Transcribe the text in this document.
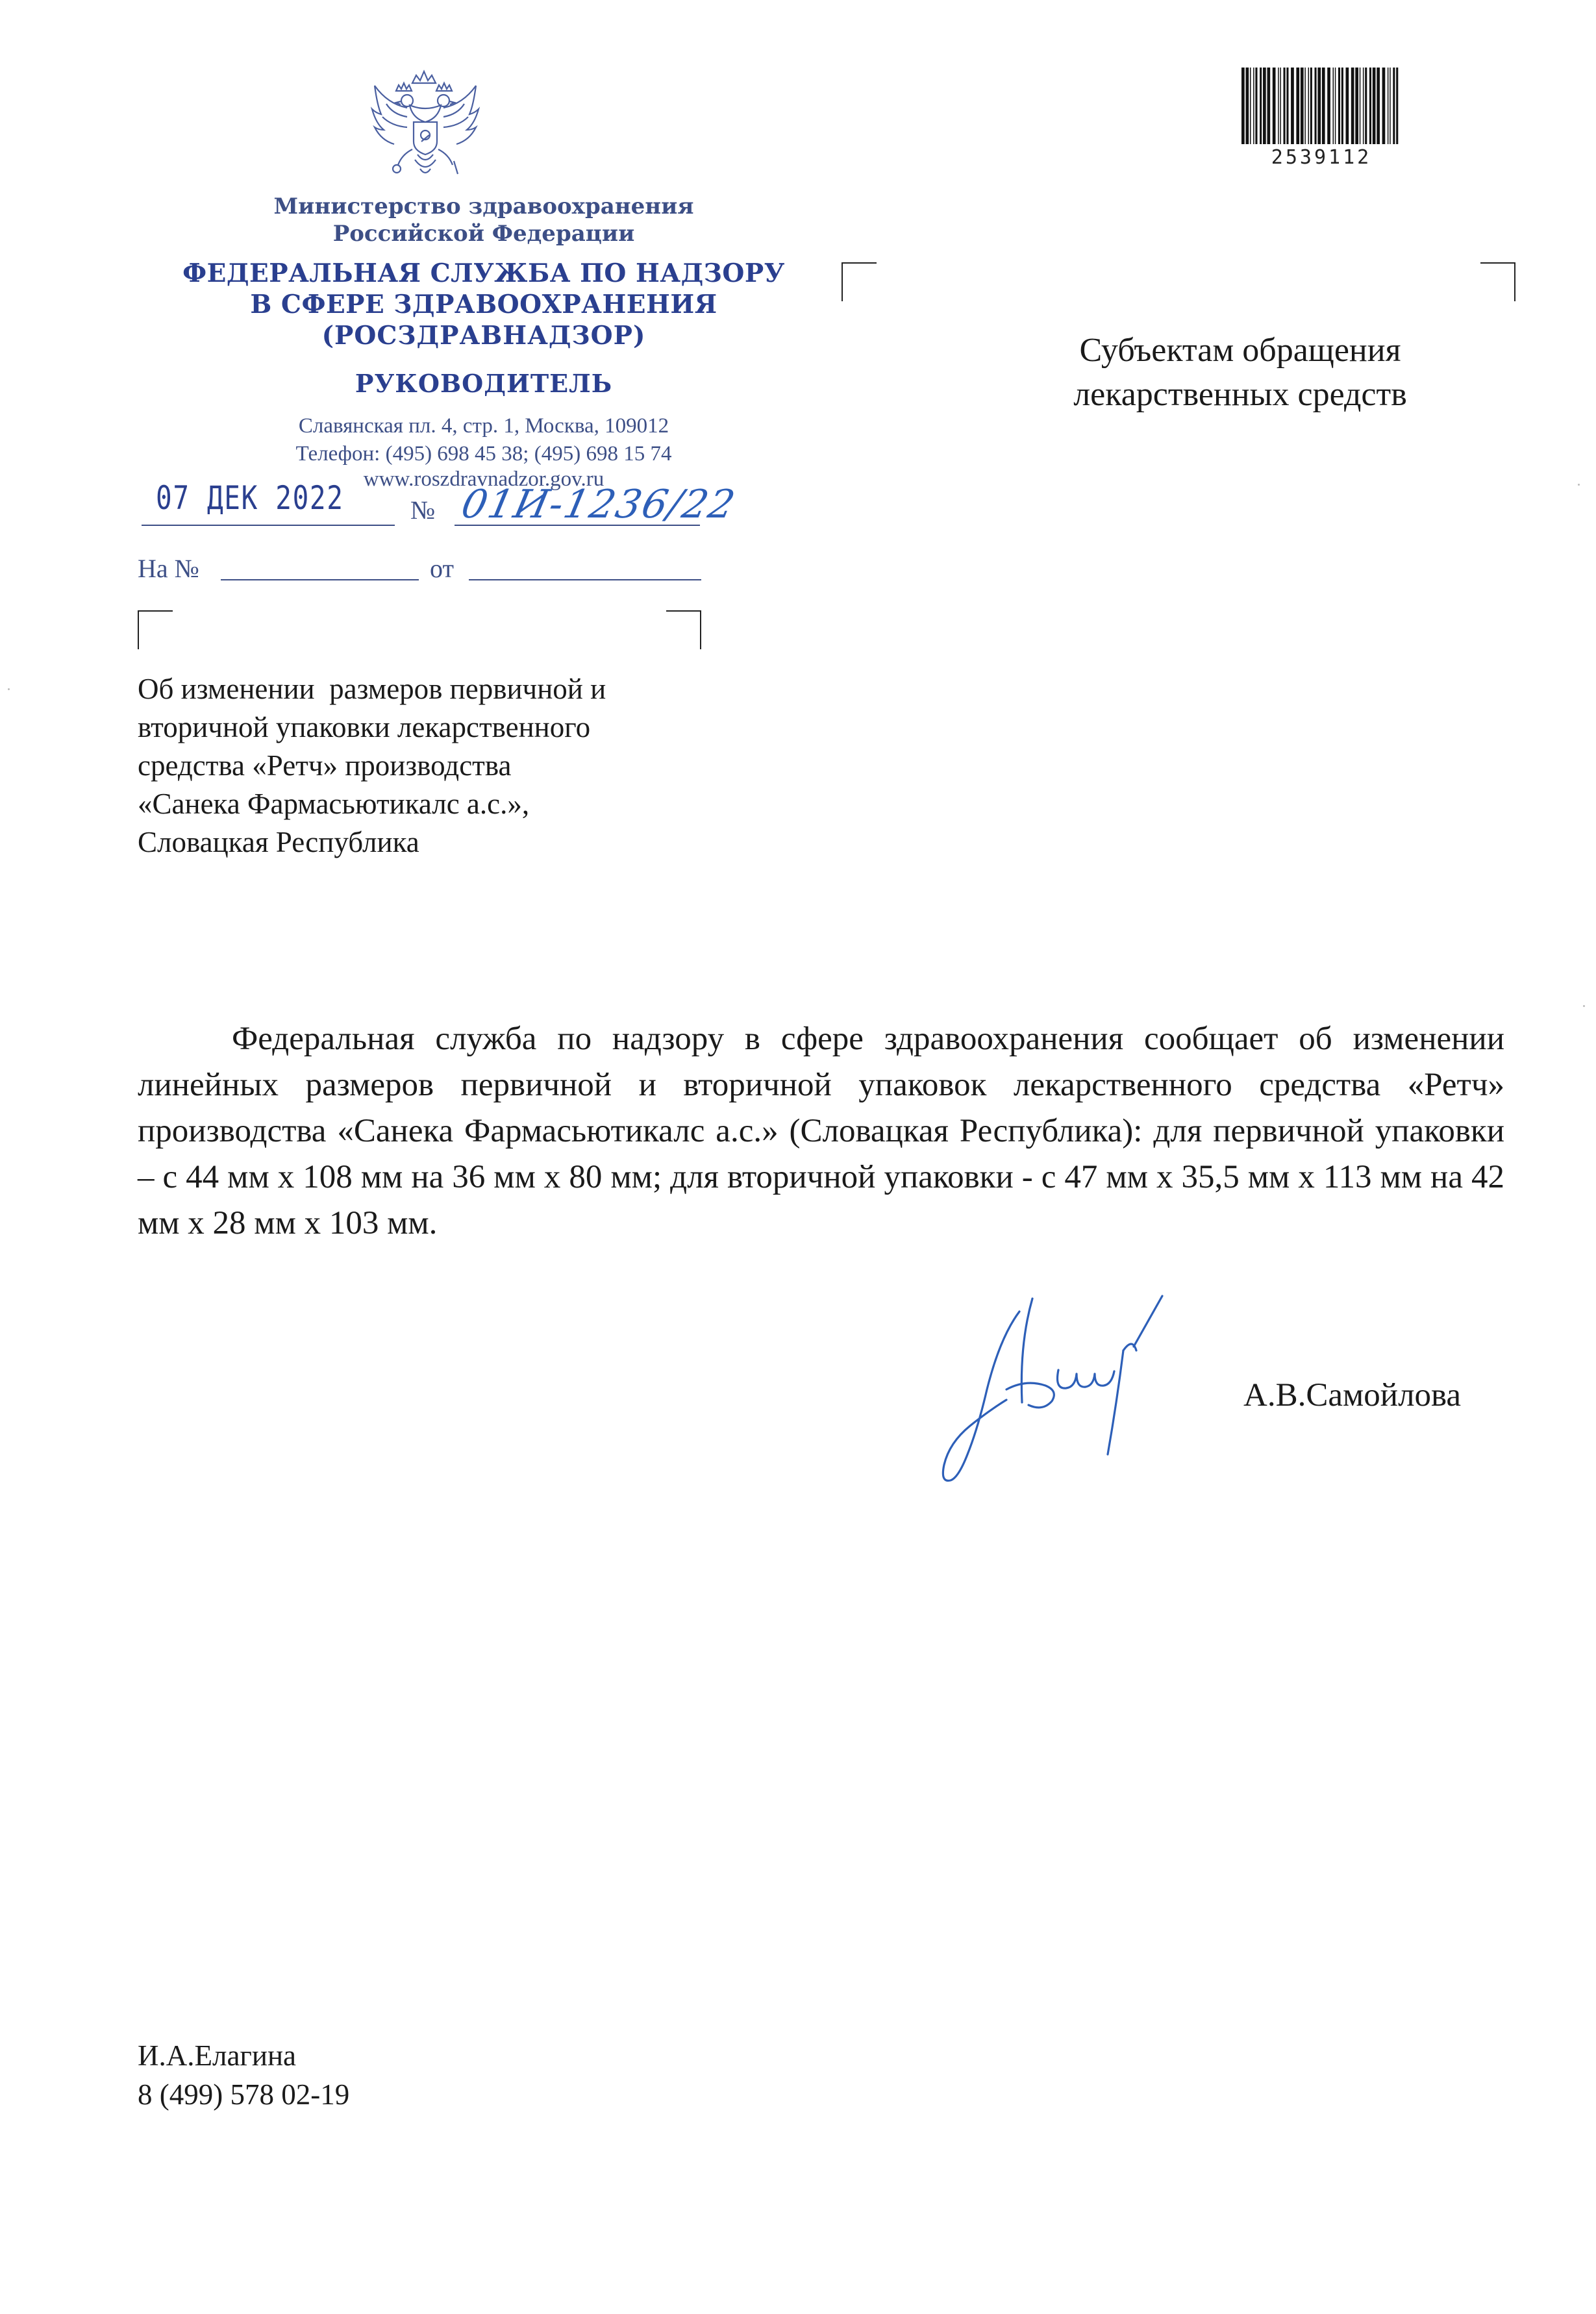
Министерство здравоохранения
Российской Федерации
ФЕДЕРАЛЬНАЯ СЛУЖБА ПО НАДЗОРУ
В СФЕРЕ ЗДРАВООХРАНЕНИЯ
(РОСЗДРАВНАДЗОР)
РУКОВОДИТЕЛЬ
Славянская пл. 4, стр. 1, Москва, 109012
Телефон: (495) 698 45 38; (495) 698 15 74
www.roszdravnadzor.gov.ru
07 ДЕК 2022	№ 01И-1236/22
На №	от
2539112
Субъектам обращения
лекарственных средств
Об изменении  размеров первичной и
вторичной упаковки лекарственного
средства «Ретч» производства
«Санека Фармасьютикалс а.с.»,
Словацкая Республика
Федеральная служба по надзору в сфере здравоохранения сообщает об изменении линейных размеров первичной и вторичной упаковок лекарственного средства «Ретч» производства «Санека Фармасьютикалс а.с.» (Словацкая Республика): для первичной упаковки – с 44 мм х 108 мм на 36 мм х 80 мм; для вторичной упаковки - с 47 мм х 35,5 мм х 113 мм на 42 мм х 28 мм х 103 мм.
А.В.Самойлова
И.А.Елагина
8 (499) 578 02-19
